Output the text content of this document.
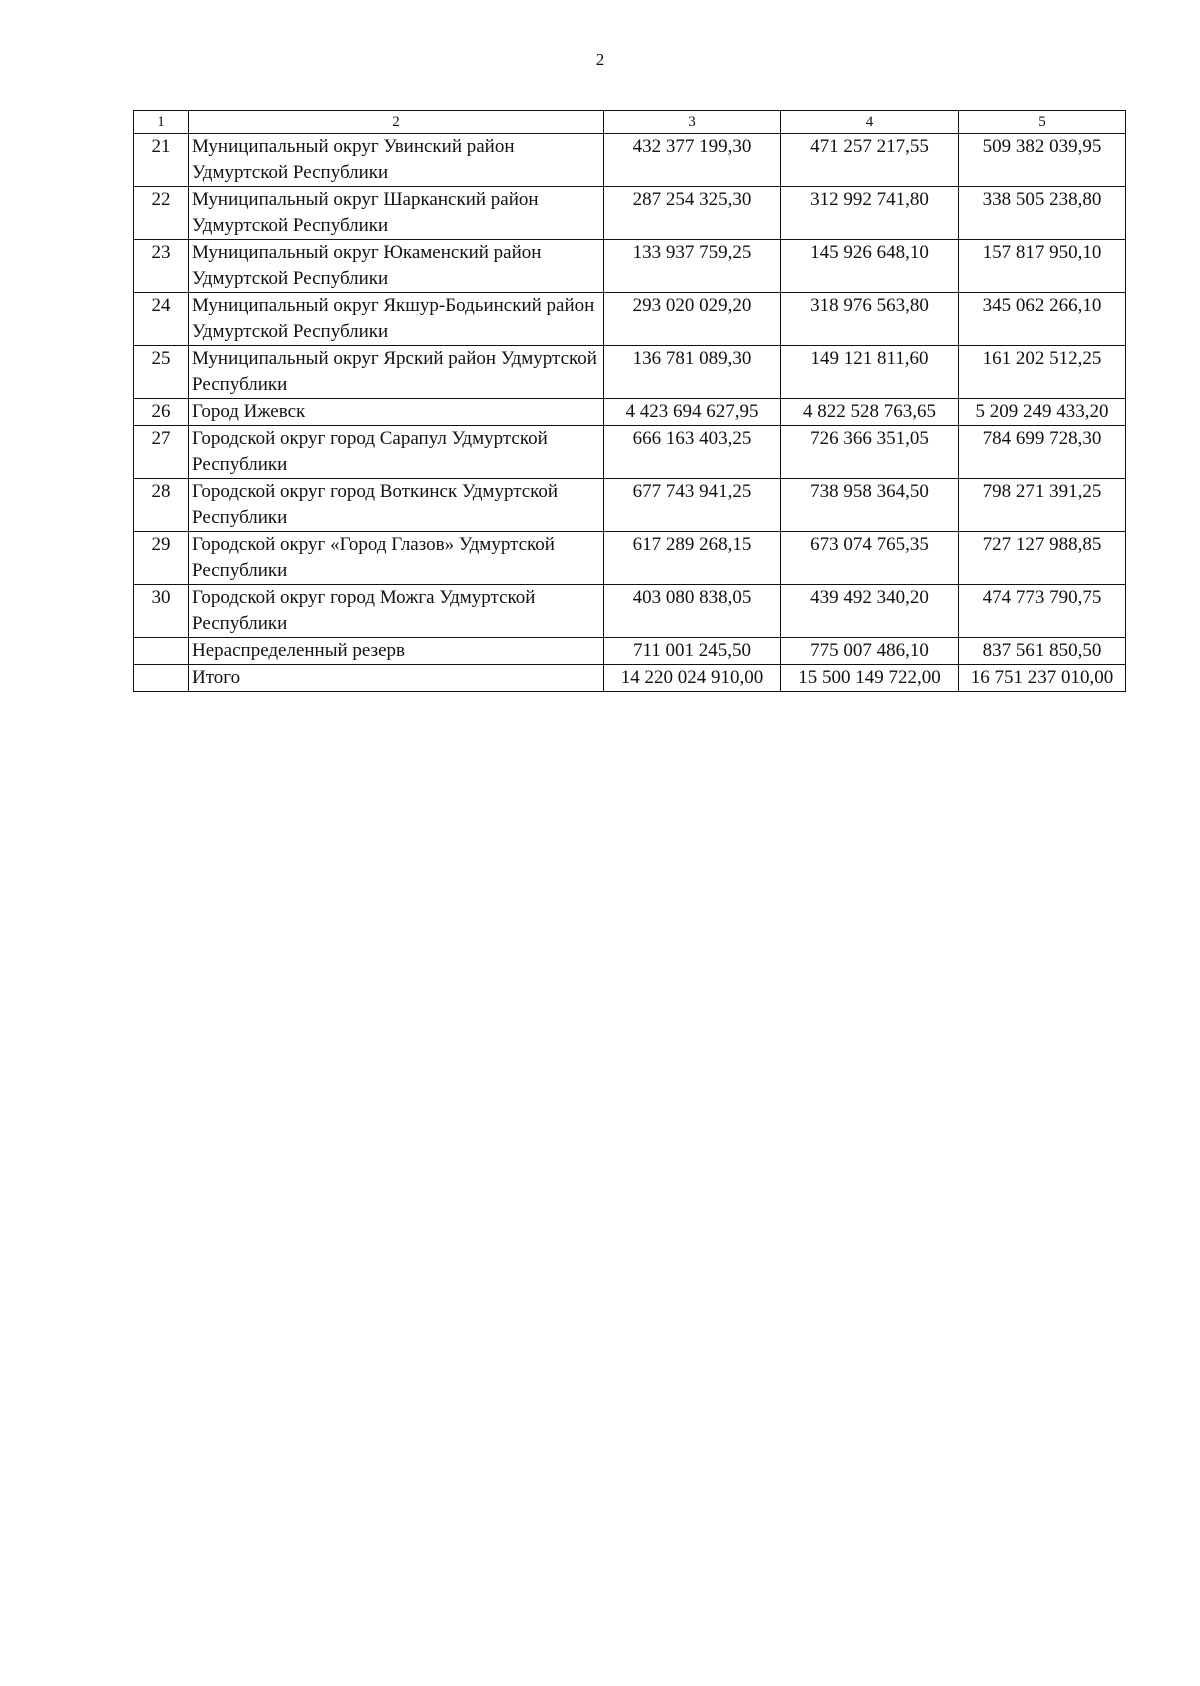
2
1	2	3	4	5
21	Муниципальный округ Увинский район Удмуртской Республики	432 377 199,30	471 257 217,55	509 382 039,95
22	Муниципальный округ Шарканский район Удмуртской Республики	287 254 325,30	312 992 741,80	338 505 238,80
23	Муниципальный округ Юкаменский район Удмуртской Республики	133 937 759,25	145 926 648,10	157 817 950,10
24	Муниципальный округ Якшур-Бодьинский район Удмуртской Республики	293 020 029,20	318 976 563,80	345 062 266,10
25	Муниципальный округ Ярский район Удмуртской Республики	136 781 089,30	149 121 811,60	161 202 512,25
26	Город Ижевск	4 423 694 627,95	4 822 528 763,65	5 209 249 433,20
27	Городской округ город Сарапул Удмуртской Республики	666 163 403,25	726 366 351,05	784 699 728,30
28	Городской округ город Воткинск Удмуртской Республики	677 743 941,25	738 958 364,50	798 271 391,25
29	Городской округ «Город Глазов» Удмуртской Республики	617 289 268,15	673 074 765,35	727 127 988,85
30	Городской округ город Можга Удмуртской Республики	403 080 838,05	439 492 340,20	474 773 790,75
	Нераспределенный резерв	711 001 245,50	775 007 486,10	837 561 850,50
	Итого	14 220 024 910,00	15 500 149 722,00	16 751 237 010,00
